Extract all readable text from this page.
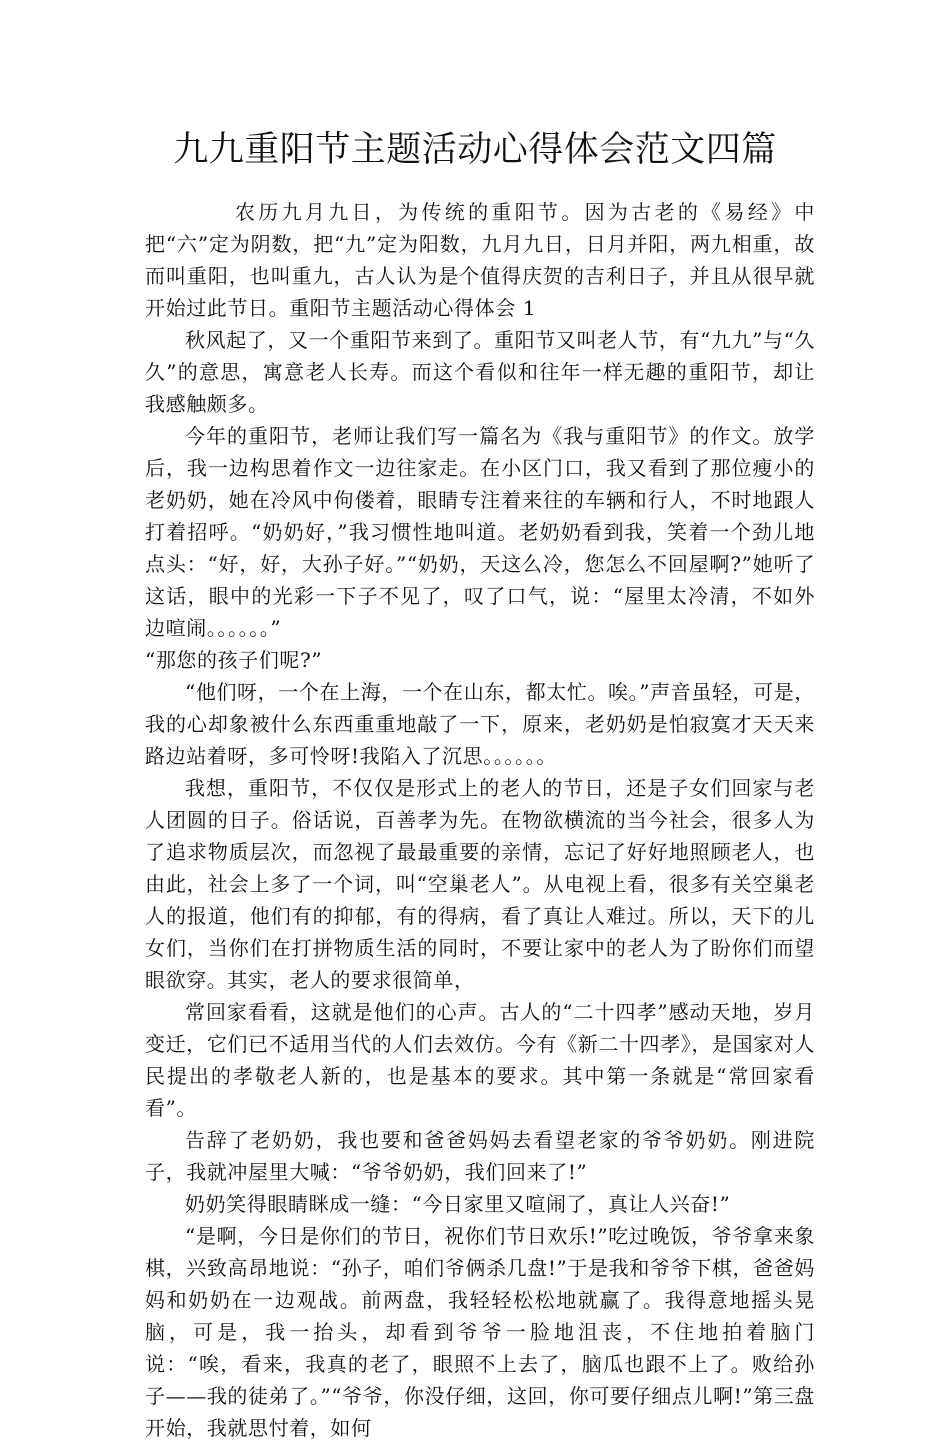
九九重阳节主题活动心得体会范文四篇

农历九月九日，为传统的重阳节。因为古老的《易经》中把“六”定为阴数，把“九”定为阳数，九月九日，日月并阳，两九相重，故而叫重阳，也叫重九，古人认为是个值得庆贺的吉利日子，并且从很早就开始过此节日。重阳节主题活动心得体会 1

秋风起了，又一个重阳节来到了。重阳节又叫老人节，有“九九”与“久久”的意思，寓意老人长寿。而这个看似和往年一样无趣的重阳节，却让我感触颇多。

今年的重阳节，老师让我们写一篇名为《我与重阳节》的作文。放学后，我一边构思着作文一边往家走。在小区门口，我又看到了那位瘦小的老奶奶，她在冷风中佝偻着，眼睛专注着来往的车辆和行人，不时地跟人打着招呼。“奶奶好，”我习惯性地叫道。老奶奶看到我，笑着一个劲儿地点头：“好，好，大孙子好。”“奶奶，天这么冷，您怎么不回屋啊?”她听了这话，眼中的光彩一下子不见了，叹了口气，说：“屋里太冷清，不如外边喧闹。。。。。。”

“那您的孩子们呢?”

“他们呀，一个在上海，一个在山东，都太忙。唉。”声音虽轻，可是，我的心却象被什么东西重重地敲了一下，原来，老奶奶是怕寂寞才天天来路边站着呀，多可怜呀!我陷入了沉思。。。。。。

我想，重阳节，不仅仅是形式上的老人的节日，还是子女们回家与老人团圆的日子。俗话说，百善孝为先。在物欲横流的当今社会，很多人为了追求物质层次，而忽视了最最重要的亲情，忘记了好好地照顾老人，也由此，社会上多了一个词，叫“空巢老人”。从电视上看，很多有关空巢老人的报道，他们有的抑郁，有的得病，看了真让人难过。所以，天下的儿女们，当你们在打拼物质生活的同时，不要让家中的老人为了盼你们而望眼欲穿。其实，老人的要求很简单，

常回家看看，这就是他们的心声。古人的“二十四孝”感动天地，岁月变迁，它们已不适用当代的人们去效仿。今有《新二十四孝》，是国家对人民提出的孝敬老人新的，也是基本的要求。其中第一条就是“常回家看看”。

告辞了老奶奶，我也要和爸爸妈妈去看望老家的爷爷奶奶。刚进院子，我就冲屋里大喊：“爷爷奶奶，我们回来了!”

奶奶笑得眼睛眯成一缝：“今日家里又喧闹了，真让人兴奋!”

“是啊，今日是你们的节日，祝你们节日欢乐!”吃过晚饭，爷爷拿来象棋，兴致高昂地说：“孙子，咱们爷俩杀几盘!”于是我和爷爷下棋，爸爸妈妈和奶奶在一边观战。前两盘，我轻轻松松地就赢了。我得意地摇头晃脑，可是，我一抬头，却看到爷爷一脸地沮丧，不住地拍着脑门说：“唉，看来，我真的老了，眼照不上去了，脑瓜也跟不上了。败给孙子——我的徒弟了。”“爷爷，你没仔细，这回，你可要仔细点儿啊!”第三盘开始，我就思忖着，如何
